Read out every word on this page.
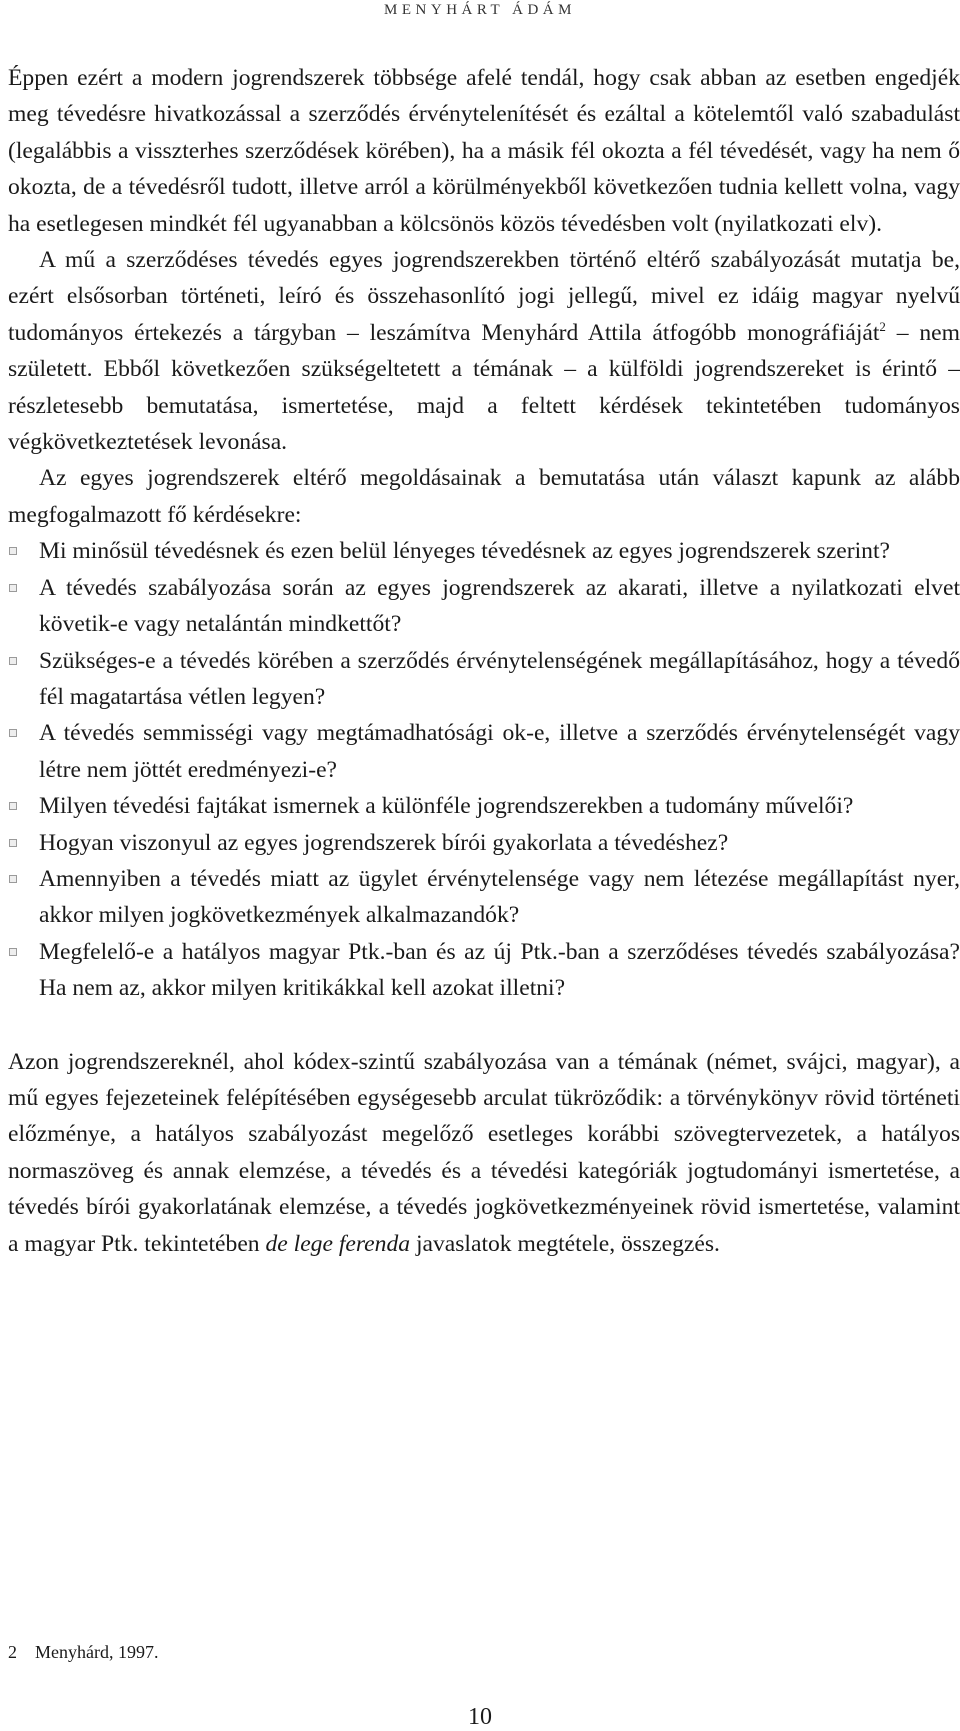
MENYHÁRT ÁDÁM

Éppen ezért a modern jogrendszerek többsége afelé tendál, hogy csak abban az esetben engedjék meg tévedésre hivatkozással a szerződés érvénytelenítését és ezáltal a kötelemtől való szabadulást (legalábbis a visszterhes szerződések körében), ha a másik fél okozta a fél tévedését, vagy ha nem ő okozta, de a tévedésről tudott, illetve arról a körülményekből következően tudnia kellett volna, vagy ha esetlegesen mindkét fél ugyanabban a kölcsönös közös tévedésben volt (nyilatkozati elv).

A mű a szerződéses tévedés egyes jogrendszerekben történő eltérő szabályozását mutatja be, ezért elsősorban történeti, leíró és összehasonlító jogi jellegű, mivel ez idáig magyar nyelvű tudományos értekezés a tárgyban – leszámítva Menyhárd Attila átfogóbb monográfiáját$^2$ – nem született. Ebből következően szükségeltetett a témának – a külföldi jogrendszereket is érintő – részletesebb bemutatása, ismertetése, majd a feltett kérdések tekintetében tudományos végkövetkeztetések levonása.

Az egyes jogrendszerek eltérő megoldásainak a bemutatása után választ kapunk az alább megfogalmazott fő kérdésekre:

Mi minősül tévedésnek és ezen belül lényeges tévedésnek az egyes jogrendszerek szerint?
A tévedés szabályozása során az egyes jogrendszerek az akarati, illetve a nyilatkozati elvet követik-e vagy netalántán mindkettőt?
Szükséges-e a tévedés körében a szerződés érvénytelenségének megállapításához, hogy a tévedő fél magatartása vétlen legyen?
A tévedés semmisségi vagy megtámadhatósági ok-e, illetve a szerződés érvénytelenségét vagy létre nem jöttét eredményezi-e?
Milyen tévedési fajtákat ismernek a különféle jogrendszerekben a tudomány művelői?
Hogyan viszonyul az egyes jogrendszerek bírói gyakorlata a tévedéshez?
Amennyiben a tévedés miatt az ügylet érvénytelensége vagy nem létezése megállapítást nyer, akkor milyen jogkövetkezmények alkalmazandók?
Megfelelő-e a hatályos magyar Ptk.-ban és az új Ptk.-ban a szerződéses tévedés szabályozása? Ha nem az, akkor milyen kritikákkal kell azokat illetni?

Azon jogrendszereknél, ahol kódex-szintű szabályozása van a témának (német, svájci, magyar), a mű egyes fejezeteinek felépítésében egységesebb arculat tükröződik: a törvénykönyv rövid történeti előzménye, a hatályos szabályozást megelőző esetleges korábbi szövegtervezetek, a hatályos normaszöveg és annak elemzése, a tévedés és a tévedési kategóriák jogtudományi ismertetése, a tévedés bírói gyakorlatának elemzése, a tévedés jogkövetkezményeinek rövid ismertetése, valamint a magyar Ptk. tekintetében de lege ferenda javaslatok megtétele, összegzés.

2 Menyhárd, 1997.
10
